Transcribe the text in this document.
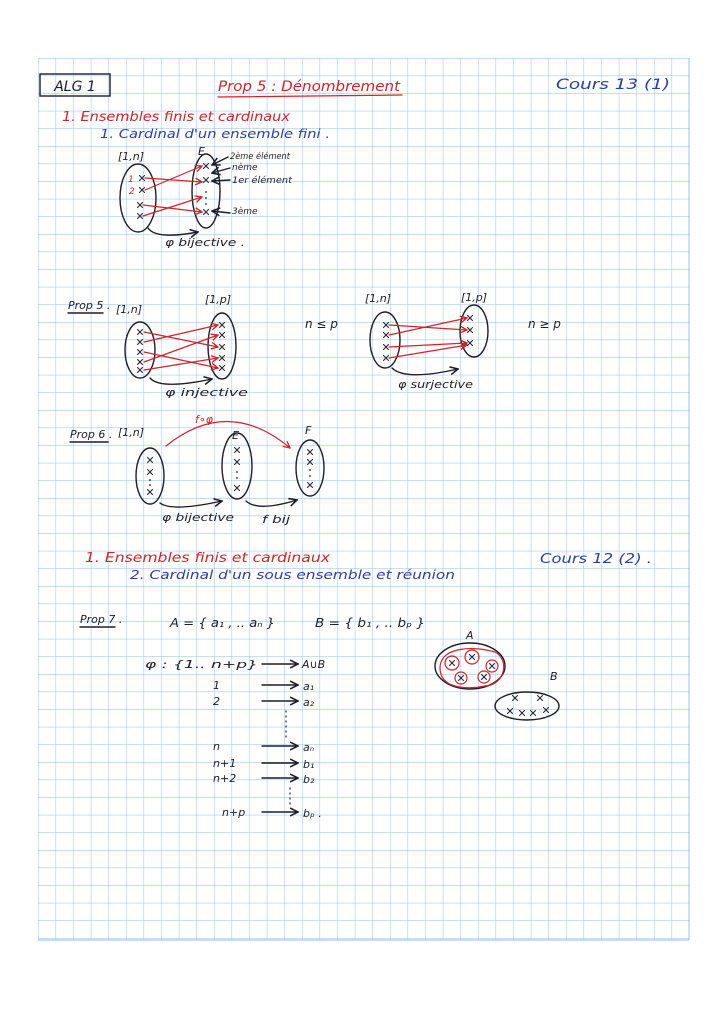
ALG 1	Prop 5 : Dénombrement	Cours 13 (1)
1. Ensembles finis et cardinaux
1. Cardinal d'un ensemble fini .
[1,n]	E
1
2
2ème élément
nème
1er élément
3ème
φ bijective .
Prop 5 . [1,n]
[1,p]
φ injective
n ≤ p
[1,n]	[1,p]
φ surjective
n ≥ p
Prop 6 . [1,n]
f∘φ
E	F
φ bijective	f bij
1. Ensembles finis et cardinaux
2. Cardinal d'un sous ensemble et réunion
Cours 12 (2) .
Prop 7 .	A = { a₁ , .. aₙ }	B = { b₁ , .. bₚ }
A
B
φ : {1.. n+p}	A∪B
1	a₁
2	a₂
n	aₙ
n+1	b₁
n+2	b₂
n+p	bₚ .
